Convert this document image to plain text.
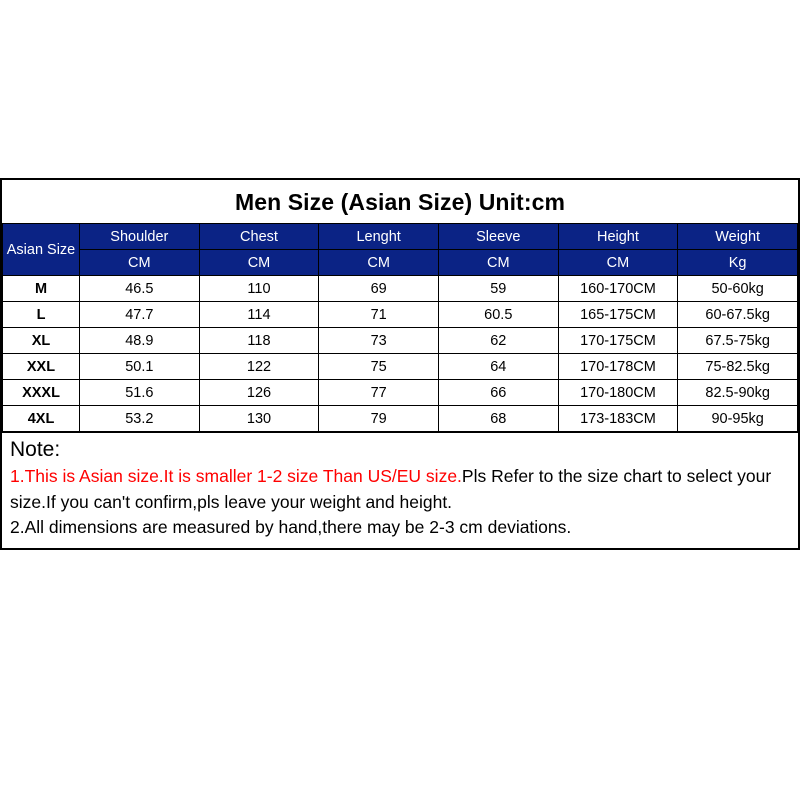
Men Size (Asian Size) Unit:cm
Asian Size	Shoulder	Chest	Lenght	Sleeve	Height	Weight
	CM	CM	CM	CM	CM	Kg
M	46.5	110	69	59	160-170CM	50-60kg
L	47.7	114	71	60.5	165-175CM	60-67.5kg
XL	48.9	118	73	62	170-175CM	67.5-75kg
XXL	50.1	122	75	64	170-178CM	75-82.5kg
XXXL	51.6	126	77	66	170-180CM	82.5-90kg
4XL	53.2	130	79	68	173-183CM	90-95kg
Note:
1.This is Asian size.It is smaller 1-2 size Than US/EU size.Pls Refer to the size chart to select your size.If you can't confirm,pls leave your weight and height.
2.All dimensions are measured by hand,there may be 2-3 cm deviations.
